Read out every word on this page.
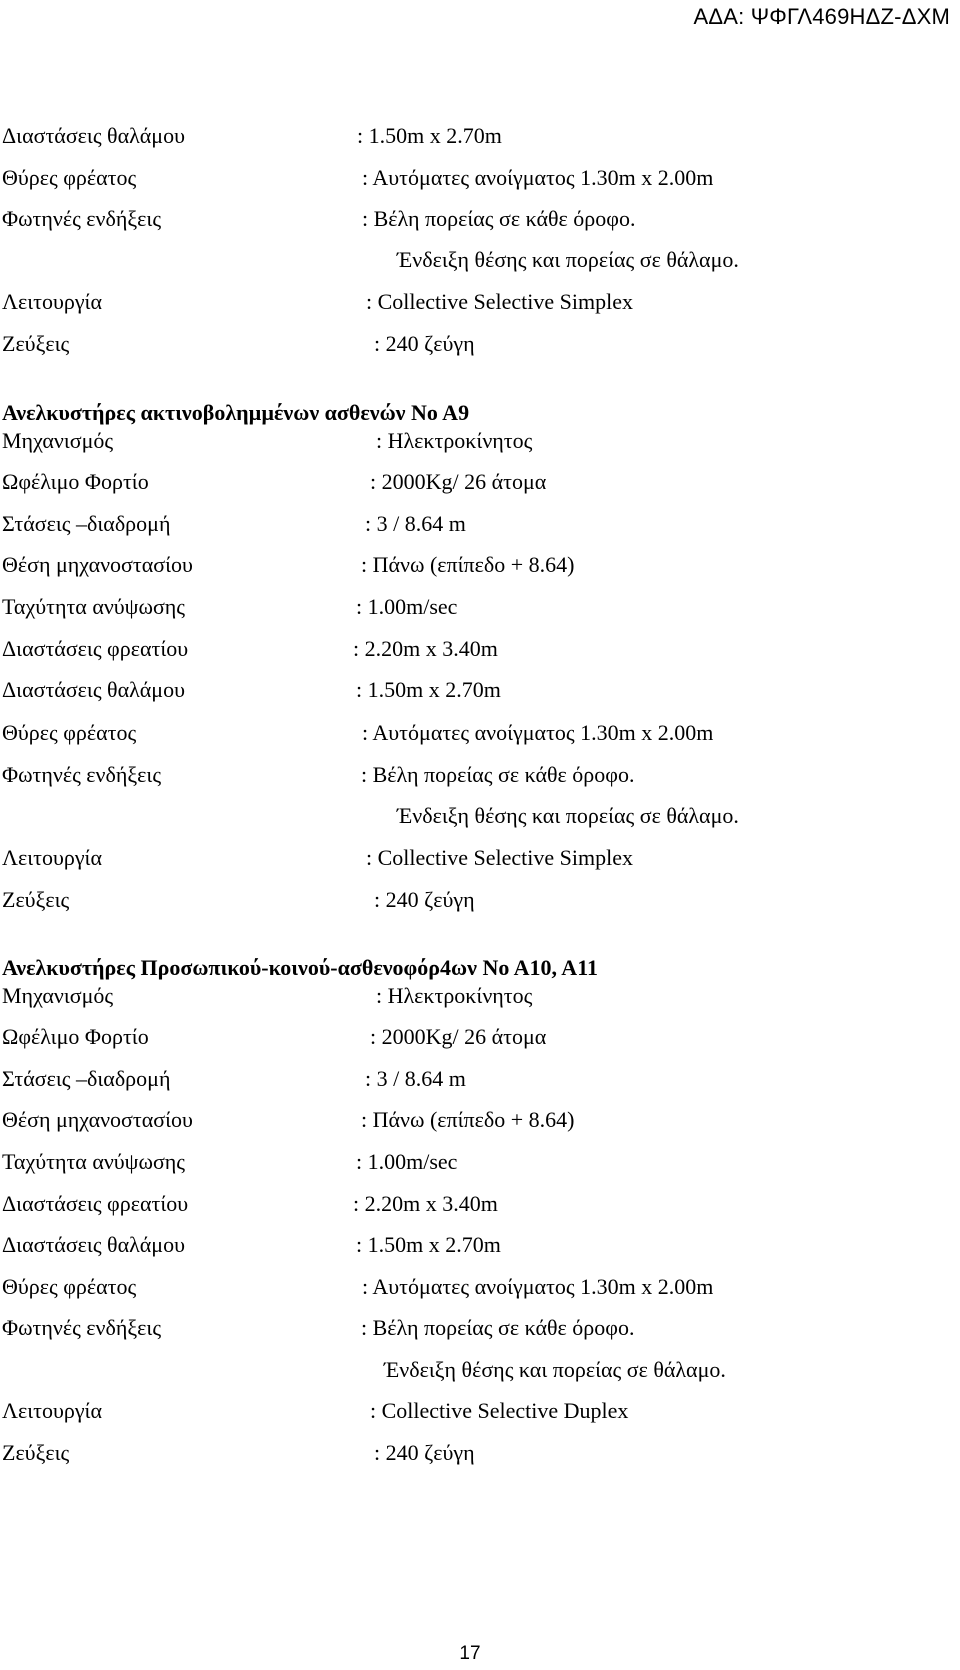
ΑΔΑ: ΨΦΓΛ469ΗΔΖ-ΔΧΜ
Διαστάσεις θαλάμου	: 1.50m x 2.70m
Θύρες φρέατος	: Αυτόματες ανοίγματος 1.30m x 2.00m
Φωτηνές ενδήξεις	: Βέλη πορείας σε κάθε όροφο.
Ένδειξη θέσης και πορείας σε θάλαμο.
Λειτουργία	: Collective Selective Simplex
Ζεύξεις	: 240 ζεύγη
Ανελκυστήρες ακτινοβοληµµένων ασθενών Νο Α9
Μηχανισμός	: Ηλεκτροκίνητος
Ωφέλιμο Φορτίο	: 2000Kg/ 26 άτομα
Στάσεις –διαδρομή	: 3 / 8.64 m
Θέση μηχανοστασίου	: Πάνω (επίπεδο + 8.64)
Ταχύτητα ανύψωσης	: 1.00m/sec
Διαστάσεις φρεατίου	: 2.20m x 3.40m
Διαστάσεις θαλάμου	: 1.50m x 2.70m
Θύρες φρέατος	: Αυτόματες ανοίγματος 1.30m x 2.00m
Φωτηνές ενδήξεις	: Βέλη πορείας σε κάθε όροφο.
Ένδειξη θέσης και πορείας σε θάλαμο.
Λειτουργία	: Collective Selective Simplex
Ζεύξεις	: 240 ζεύγη
Ανελκυστήρες Προσωπικού-κοινού-ασθενοφόρ4ων Νο Α10, Α11
Μηχανισμός	: Ηλεκτροκίνητος
Ωφέλιμο Φορτίο	: 2000Kg/ 26 άτομα
Στάσεις –διαδρομή	: 3 / 8.64 m
Θέση μηχανοστασίου	: Πάνω (επίπεδο + 8.64)
Ταχύτητα ανύψωσης	: 1.00m/sec
Διαστάσεις φρεατίου	: 2.20m x 3.40m
Διαστάσεις θαλάμου	: 1.50m x 2.70m
Θύρες φρέατος	: Αυτόματες ανοίγματος 1.30m x 2.00m
Φωτηνές ενδήξεις	: Βέλη πορείας σε κάθε όροφο.
Ένδειξη θέσης και πορείας σε θάλαμο.
Λειτουργία	: Collective Selective Duplex
Ζεύξεις	: 240 ζεύγη
17
